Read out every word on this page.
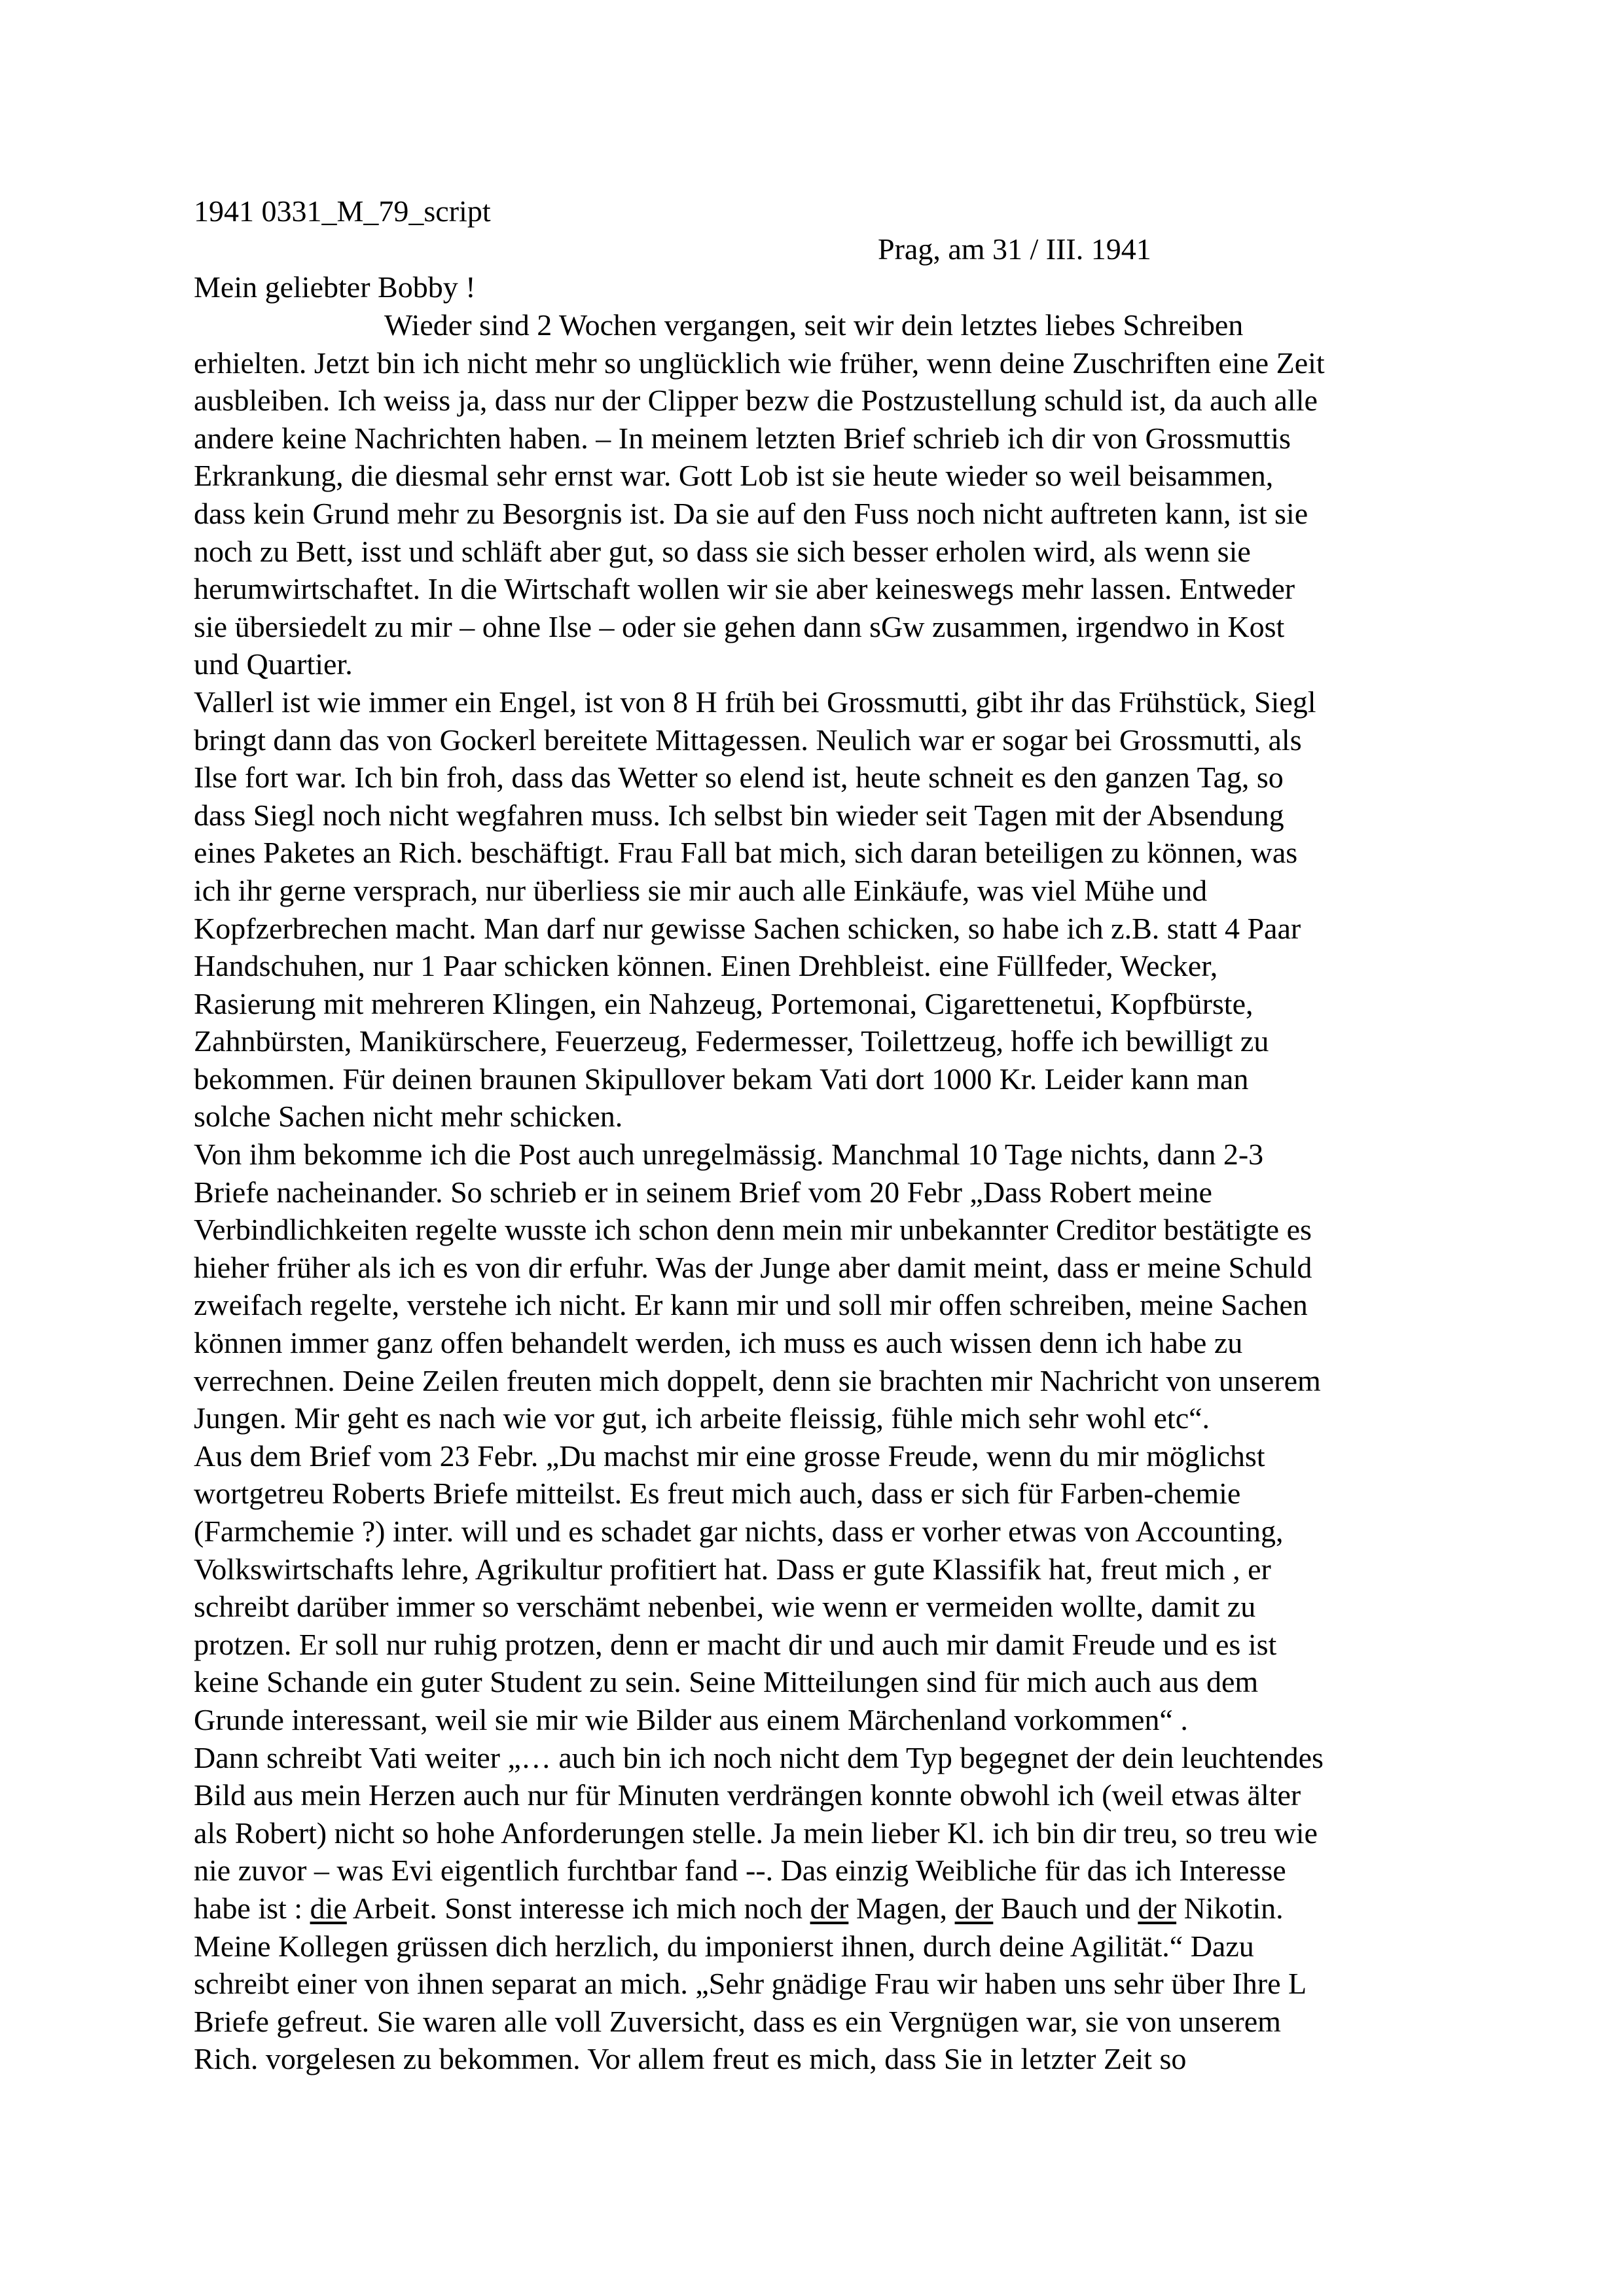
1941 0331_M_79_script

Prag, am 31 / III. 1941

Mein geliebter Bobby !

Wieder sind 2 Wochen vergangen, seit wir dein letztes liebes Schreiben

erhielten. Jetzt bin ich nicht mehr so unglücklich wie früher, wenn deine Zuschriften eine Zeit

ausbleiben. Ich weiss ja, dass nur der Clipper bezw die Postzustellung schuld ist, da auch alle

andere keine Nachrichten haben. – In meinem letzten Brief schrieb ich dir von Grossmuttis

Erkrankung, die diesmal sehr ernst war. Gott Lob ist sie heute wieder so weil beisammen,

dass kein Grund mehr zu Besorgnis ist. Da sie auf den Fuss noch nicht auftreten kann, ist sie

noch zu Bett, isst und schläft aber gut, so dass sie sich besser erholen wird, als wenn sie

herumwirtschaftet. In die Wirtschaft wollen wir sie aber keineswegs mehr lassen. Entweder

sie übersiedelt zu mir – ohne Ilse – oder sie gehen dann sGw zusammen, irgendwo in Kost

und Quartier.

Vallerl ist wie immer ein Engel, ist von 8 H früh bei Grossmutti, gibt ihr das Frühstück, Siegl

bringt dann das von Gockerl bereitete Mittagessen. Neulich war er sogar bei Grossmutti, als

Ilse fort war. Ich bin froh, dass das Wetter so elend ist, heute schneit es den ganzen Tag, so

dass Siegl noch nicht wegfahren muss. Ich selbst bin wieder seit Tagen mit der Absendung

eines Paketes an Rich. beschäftigt. Frau Fall bat mich, sich daran beteiligen zu können, was

ich ihr gerne versprach, nur überliess sie mir auch alle Einkäufe, was viel Mühe und

Kopfzerbrechen macht. Man darf nur gewisse Sachen schicken, so habe ich z.B. statt 4 Paar

Handschuhen, nur 1 Paar schicken können. Einen Drehbleist. eine Füllfeder, Wecker,

Rasierung mit mehreren Klingen, ein Nahzeug, Portemonai, Cigarettenetui, Kopfbürste,

Zahnbürsten, Manikürschere, Feuerzeug, Federmesser, Toilettzeug, hoffe ich bewilligt zu

bekommen. Für deinen braunen Skipullover bekam Vati dort 1000 Kr. Leider kann man

solche Sachen nicht mehr schicken.

Von ihm bekomme ich die Post auch unregelmässig. Manchmal 10 Tage nichts, dann 2-3

Briefe nacheinander. So schrieb er in seinem Brief vom 20 Febr „Dass Robert meine

Verbindlichkeiten regelte wusste ich schon denn mein mir unbekannter Creditor bestätigte es

hieher früher als ich es von dir erfuhr. Was der Junge aber damit meint, dass er meine Schuld

zweifach regelte, verstehe ich nicht. Er kann mir und soll mir offen schreiben, meine Sachen

können immer ganz offen behandelt werden, ich muss es auch wissen denn ich habe zu

verrechnen. Deine Zeilen freuten mich doppelt, denn sie brachten mir Nachricht von unserem

Jungen. Mir geht es nach wie vor gut, ich arbeite fleissig, fühle mich sehr wohl etc“.

Aus dem Brief vom 23 Febr. „Du machst mir eine grosse Freude, wenn du mir möglichst

wortgetreu Roberts Briefe mitteilst. Es freut mich auch, dass er sich für Farben-chemie

(Farmchemie ?) inter. will und es schadet gar nichts, dass er vorher etwas von Accounting,

Volkswirtschafts lehre, Agrikultur profitiert hat. Dass er gute Klassifik hat, freut mich , er

schreibt darüber immer so verschämt nebenbei, wie wenn er vermeiden wollte, damit zu

protzen. Er soll nur ruhig protzen, denn er macht dir und auch mir damit Freude und es ist

keine Schande ein guter Student zu sein. Seine Mitteilungen sind für mich auch aus dem

Grunde interessant, weil sie mir wie Bilder aus einem Märchenland vorkommen“ .

Dann schreibt Vati weiter „… auch bin ich noch nicht dem Typ begegnet der dein leuchtendes

Bild aus mein Herzen auch nur für Minuten verdrängen konnte obwohl ich (weil etwas älter

als Robert) nicht so hohe Anforderungen stelle. Ja mein lieber Kl. ich bin dir treu, so treu wie

nie zuvor – was Evi eigentlich furchtbar fand --. Das einzig Weibliche für das ich Interesse

habe ist : die Arbeit. Sonst interesse ich mich noch der Magen, der Bauch und der Nikotin.

Meine Kollegen grüssen dich herzlich, du imponierst ihnen, durch deine Agilität.“ Dazu

schreibt einer von ihnen separat an mich. „Sehr gnädige Frau wir haben uns sehr über Ihre L

Briefe gefreut. Sie waren alle voll Zuversicht, dass es ein Vergnügen war, sie von unserem

Rich. vorgelesen zu bekommen. Vor allem freut es mich, dass Sie in letzter Zeit so
